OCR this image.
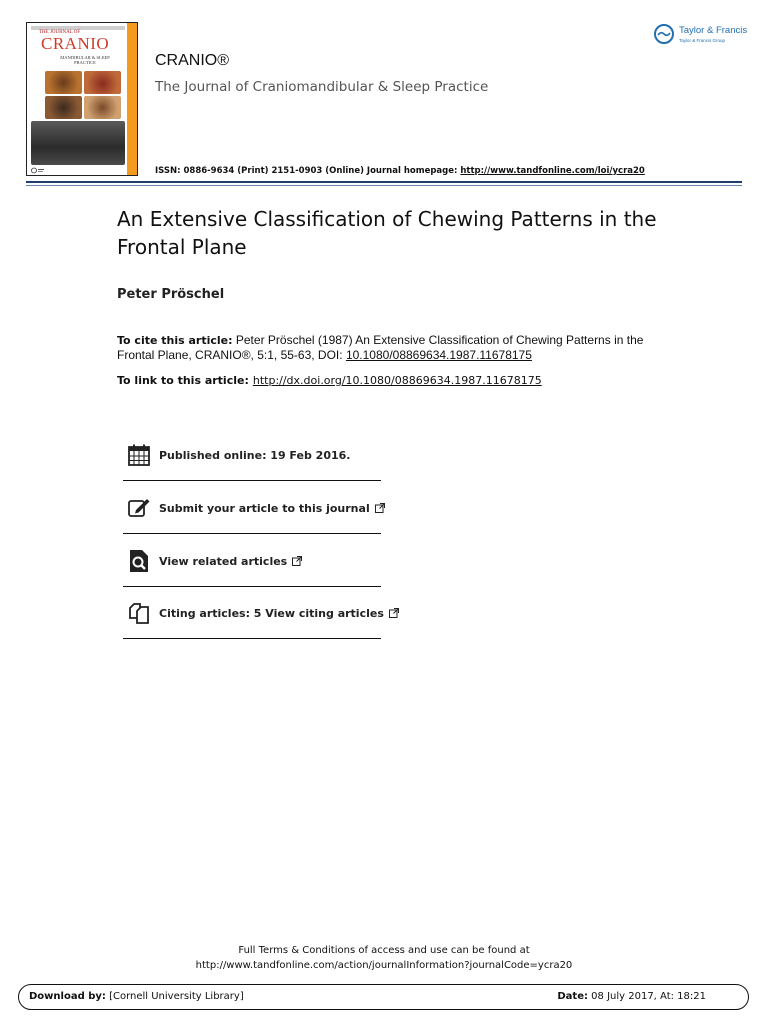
THE JOURNAL OF
CRANIO
MANDIBULAR & SLEEP PRACTICE	CRANIO®
The Journal of Craniomandibular & Sleep Practice
ISSN: 0886-9634 (Print) 2151-0903 (Online) Journal homepage: http://www.tandfonline.com/loi/ycra20
Taylor & Francis
Taylor & Francis Group
An Extensive Classification of Chewing Patterns in the Frontal Plane
Peter Pröschel
To cite this article: Peter Pröschel (1987) An Extensive Classification of Chewing Patterns in the Frontal Plane, CRANIO®, 5:1, 55-63, DOI: 10.1080/08869634.1987.11678175
To link to this article: http://dx.doi.org/10.1080/08869634.1987.11678175
Published online: 19 Feb 2016.
Submit your article to this journal
View related articles
Citing articles: 5 View citing articles
Full Terms & Conditions of access and use can be found at
http://www.tandfonline.com/action/journalInformation?journalCode=ycra20
Download by: [Cornell University Library]	Date: 08 July 2017, At: 18:21
